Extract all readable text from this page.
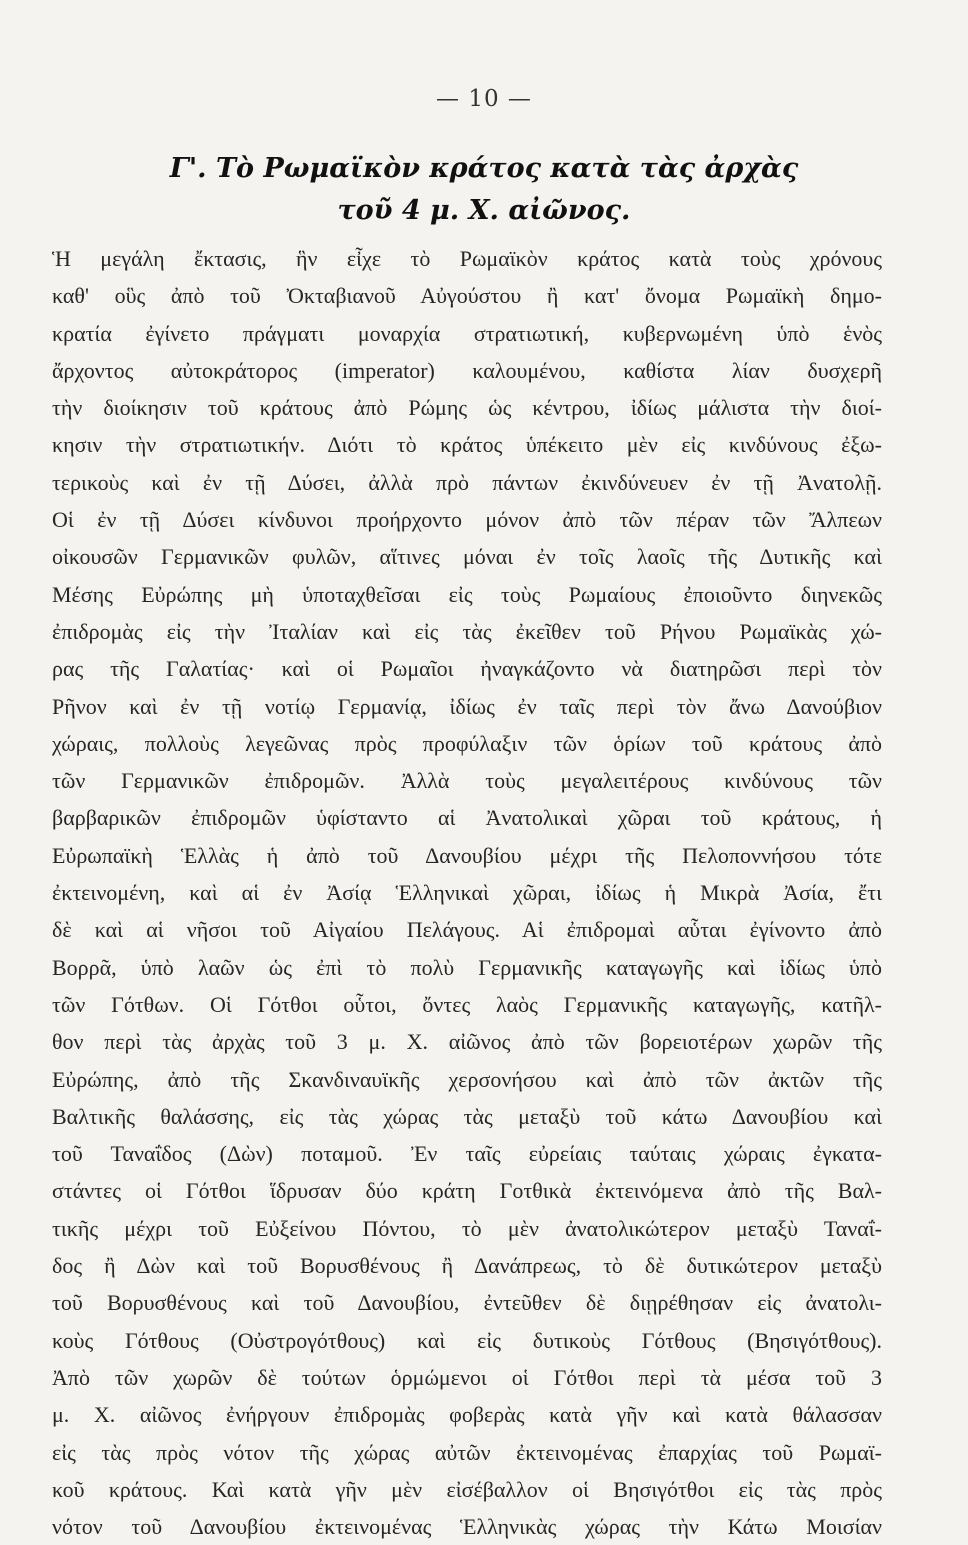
— 10 —
Γ'. Τὸ Ρωμαϊκὸν κράτος κατὰ τὰς ἀρχὰς
τοῦ 4 μ. Χ. αἰῶνος.
Ἡ μεγάλη ἔκτασις, ἣν εἶχε τὸ Ρωμαϊκὸν κράτος κατὰ τοὺς χρόνους
καθ' οὓς ἀπὸ τοῦ Ὀκταβιανοῦ Αὐγούστου ἢ κατ' ὄνομα Ρωμαϊκὴ δημο-
κρατία ἐγίνετο πράγματι μοναρχία στρατιωτική, κυβερνωμένη ὑπὸ ἑνὸς
ἄρχοντος αὐτοκράτορος (imperator) καλουμένου, καθίστα λίαν δυσχερῆ
τὴν διοίκησιν τοῦ κράτους ἀπὸ Ρώμης ὡς κέντρου, ἰδίως μάλιστα τὴν διοί-
κησιν τὴν στρατιωτικήν. Διότι τὸ κράτος ὑπέκειτο μὲν εἰς κινδύνους ἐξω-
τερικοὺς καὶ ἐν τῇ Δύσει, ἀλλὰ πρὸ πάντων ἐκινδύνευεν ἐν τῇ Ἀνατολῇ.
Οἱ ἐν τῇ Δύσει κίνδυνοι προήρχοντο μόνον ἀπὸ τῶν πέραν τῶν Ἄλπεων
οἰκουσῶν Γερμανικῶν φυλῶν, αἵτινες μόναι ἐν τοῖς λαοῖς τῆς Δυτικῆς καὶ
Μέσης Εὐρώπης μὴ ὑποταχθεῖσαι εἰς τοὺς Ρωμαίους ἐποιοῦντο διηνεκῶς
ἐπιδρομὰς εἰς τὴν Ἰταλίαν καὶ εἰς τὰς ἐκεῖθεν τοῦ Ρήνου Ρωμαϊκὰς χώ-
ρας τῆς Γαλατίας· καὶ οἱ Ρωμαῖοι ἠναγκάζοντο νὰ διατηρῶσι περὶ τὸν
Ρῆνον καὶ ἐν τῇ νοτίῳ Γερμανίᾳ, ἰδίως ἐν ταῖς περὶ τὸν ἄνω Δανούβιον
χώραις, πολλοὺς λεγεῶνας πρὸς προφύλαξιν τῶν ὁρίων τοῦ κράτους ἀπὸ
τῶν Γερμανικῶν ἐπιδρομῶν. Ἀλλὰ τοὺς μεγαλειτέρους κινδύνους τῶν
βαρβαρικῶν ἐπιδρομῶν ὑφίσταντο αἱ Ἀνατολικαὶ χῶραι τοῦ κράτους, ἡ
Εὐρωπαϊκὴ Ἑλλὰς ἡ ἀπὸ τοῦ Δανουβίου μέχρι τῆς Πελοποννήσου τότε
ἐκτεινομένη, καὶ αἱ ἐν Ἀσίᾳ Ἑλληνικαὶ χῶραι, ἰδίως ἡ Μικρὰ Ἀσία, ἔτι
δὲ καὶ αἱ νῆσοι τοῦ Αἰγαίου Πελάγους. Αἱ ἐπιδρομαὶ αὗται ἐγίνοντο ἀπὸ
Βορρᾶ, ὑπὸ λαῶν ὡς ἐπὶ τὸ πολὺ Γερμανικῆς καταγωγῆς καὶ ἰδίως ὑπὸ
τῶν Γότθων. Οἱ Γότθοι οὗτοι, ὄντες λαὸς Γερμανικῆς καταγωγῆς, κατῆλ-
θον περὶ τὰς ἀρχὰς τοῦ 3 μ. Χ. αἰῶνος ἀπὸ τῶν βορειοτέρων χωρῶν τῆς
Εὐρώπης, ἀπὸ τῆς Σκανδιναυϊκῆς χερσονήσου καὶ ἀπὸ τῶν ἀκτῶν τῆς
Βαλτικῆς θαλάσσης, εἰς τὰς χώρας τὰς μεταξὺ τοῦ κάτω Δανουβίου καὶ
τοῦ Ταναΐδος (Δὼν) ποταμοῦ. Ἐν ταῖς εὐρείαις ταύταις χώραις ἐγκατα-
στάντες οἱ Γότθοι ἵδρυσαν δύο κράτη Γοτθικὰ ἐκτεινόμενα ἀπὸ τῆς Βαλ-
τικῆς μέχρι τοῦ Εὐξείνου Πόντου, τὸ μὲν ἀνατολικώτερον μεταξὺ Ταναΐ-
δος ἢ Δὼν καὶ τοῦ Βορυσθένους ἢ Δανάπρεως, τὸ δὲ δυτικώτερον μεταξὺ
τοῦ Βορυσθένους καὶ τοῦ Δανουβίου, ἐντεῦθεν δὲ διῃρέθησαν εἰς ἀνατολι-
κοὺς Γότθους (Οὐστρογότθους) καὶ εἰς δυτικοὺς Γότθους (Βησιγότθους).
Ἀπὸ τῶν χωρῶν δὲ τούτων ὁρμώμενοι οἱ Γότθοι περὶ τὰ μέσα τοῦ 3
μ. Χ. αἰῶνος ἐνήργουν ἐπιδρομὰς φοβερὰς κατὰ γῆν καὶ κατὰ θάλασσαν
εἰς τὰς πρὸς νότον τῆς χώρας αὐτῶν ἐκτεινομένας ἐπαρχίας τοῦ Ρωμαϊ-
κοῦ κράτους. Καὶ κατὰ γῆν μὲν εἰσέβαλλον οἱ Βησιγότθοι εἰς τὰς πρὸς
νότον τοῦ Δανουβίου ἐκτεινομένας Ἑλληνικὰς χώρας τὴν Κάτω Μοισίαν
